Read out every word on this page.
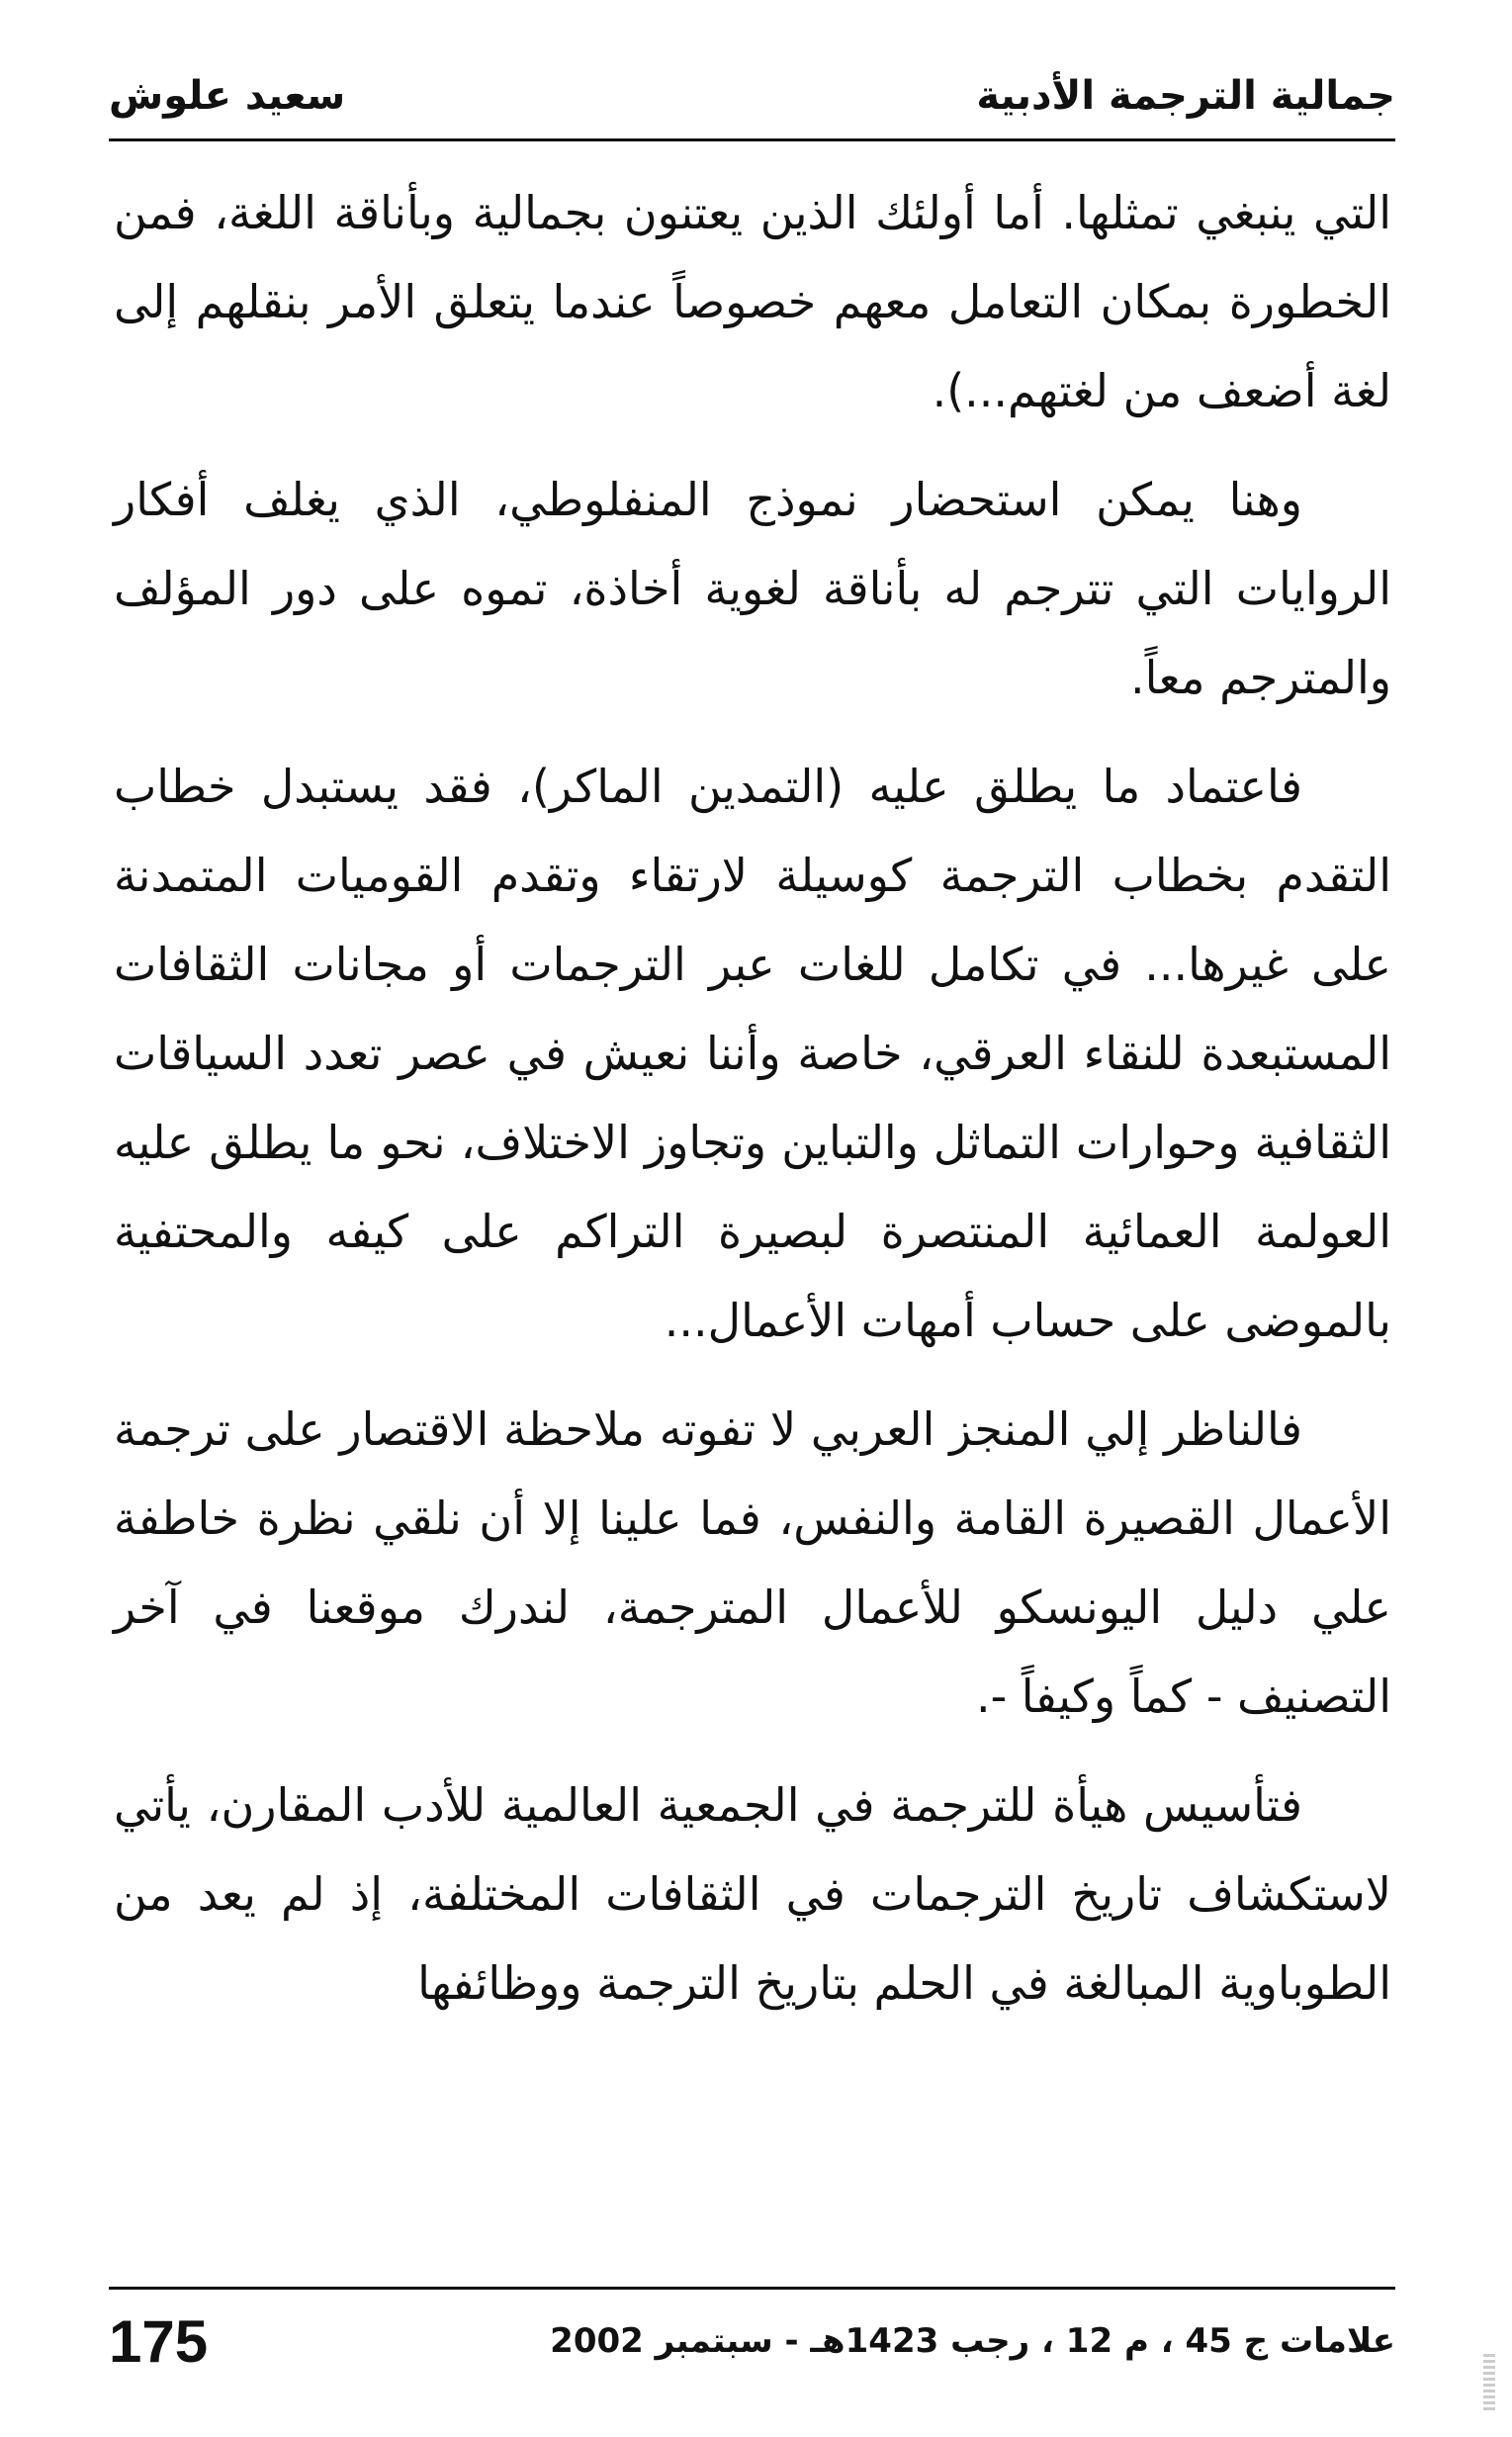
جمالية الترجمة الأدبية
سعيد علوش

التي ينبغي تمثلها. أما أولئك الذين يعتنون بجمالية وبأناقة اللغة، فمن الخطورة بمكان التعامل معهم خصوصاً عندما يتعلق الأمر بنقلهم إلى لغة أضعف من لغتهم...).

وهنا يمكن استحضار نموذج المنفلوطي، الذي يغلف أفكار الروايات التي تترجم له بأناقة لغوية أخاذة، تموه على دور المؤلف والمترجم معاً.

فاعتماد ما يطلق عليه (التمدين الماكر)، فقد يستبدل خطاب التقدم بخطاب الترجمة كوسيلة لارتقاء وتقدم القوميات المتمدنة على غيرها... في تكامل للغات عبر الترجمات أو مجانات الثقافات المستبعدة للنقاء العرقي، خاصة وأننا نعيش في عصر تعدد السياقات الثقافية وحوارات التماثل والتباين وتجاوز الاختلاف، نحو ما يطلق عليه العولمة العمائية المنتصرة لبصيرة التراكم على كيفه والمحتفية بالموضى على حساب أمهات الأعمال...

فالناظر إلي المنجز العربي لا تفوته ملاحظة الاقتصار على ترجمة الأعمال القصيرة القامة والنفس، فما علينا إلا أن نلقي نظرة خاطفة علي دليل اليونسكو للأعمال المترجمة، لندرك موقعنا في آخر التصنيف - كماً وكيفاً -.

فتأسيس هيأة للترجمة في الجمعية العالمية للأدب المقارن، يأتي لاستكشاف تاريخ الترجمات في الثقافات المختلفة، إذ لم يعد من الطوباوية المبالغة في الحلم بتاريخ الترجمة ووظائفها

علامات ج 45 ، م 12 ، رجب 1423هـ - سبتمبر 2002
175
